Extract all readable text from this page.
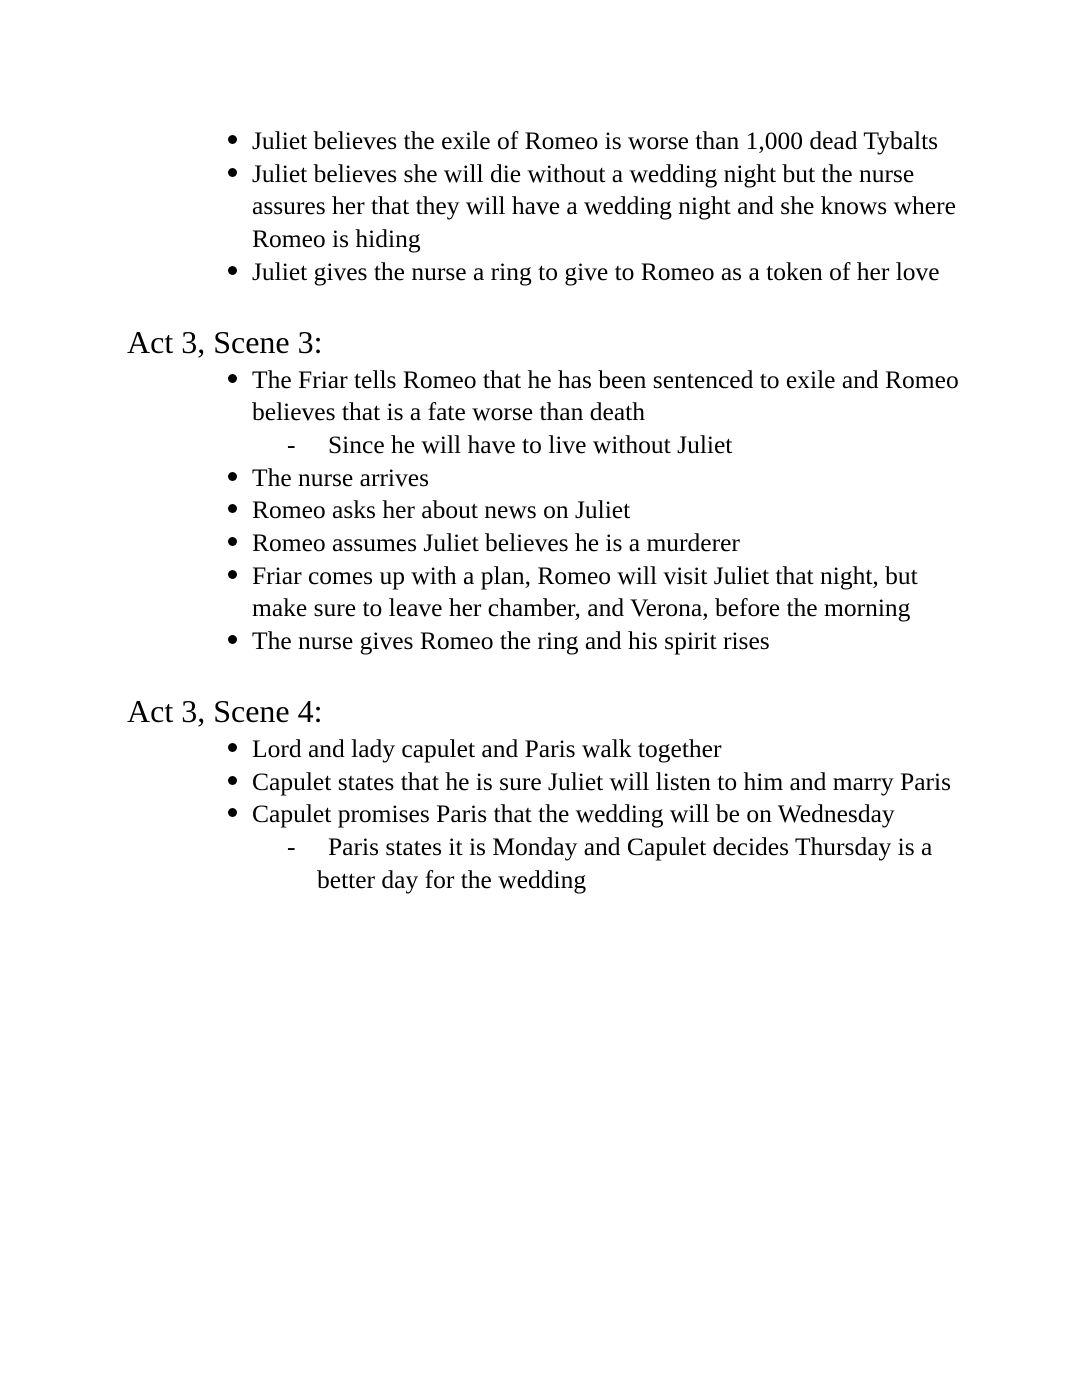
Juliet believes the exile of Romeo is worse than 1,000 dead Tybalts
Juliet believes she will die without a wedding night but the nurse assures her that they will have a wedding night and she knows where Romeo is hiding
Juliet gives the nurse a ring to give to Romeo as a token of her love
Act 3, Scene 3:
The Friar tells Romeo that he has been sentenced to exile and Romeo believes that is a fate worse than death
- Since he will have to live without Juliet
The nurse arrives
Romeo asks her about news on Juliet
Romeo assumes Juliet believes he is a murderer
Friar comes up with a plan, Romeo will visit Juliet that night, but make sure to leave her chamber, and Verona, before the morning
The nurse gives Romeo the ring and his spirit rises
Act 3, Scene 4:
Lord and lady capulet and Paris walk together
Capulet states that he is sure Juliet will listen to him and marry Paris
Capulet promises Paris that the wedding will be on Wednesday
- Paris states it is Monday and Capulet decides Thursday is a better day for the wedding
